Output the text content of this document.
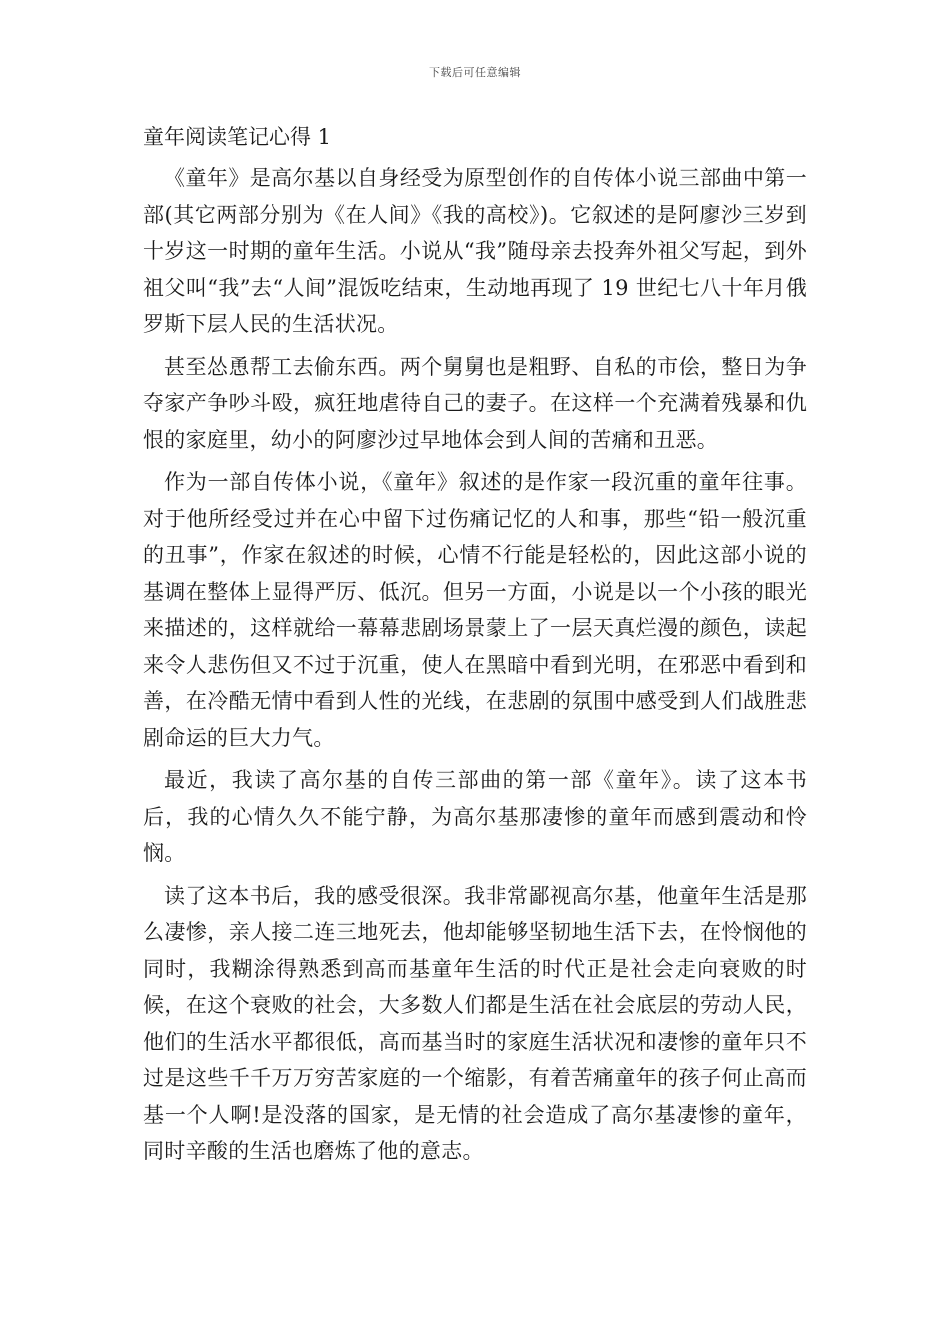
下载后可任意编辑
童年阅读笔记心得 1

《童年》是高尔基以自身经受为原型创作的自传体小说三部曲中第一部(其它两部分别为《在人间》《我的高校》)。它叙述的是阿廖沙三岁到十岁这一时期的童年生活。小说从“我”随母亲去投奔外祖父写起，到外祖父叫“我”去“人间”混饭吃结束，生动地再现了 19 世纪七八十年月俄罗斯下层人民的生活状况。

甚至怂恿帮工去偷东西。两个舅舅也是粗野、自私的市侩，整日为争夺家产争吵斗殴，疯狂地虐待自己的妻子。在这样一个充满着残暴和仇恨的家庭里，幼小的阿廖沙过早地体会到人间的苦痛和丑恶。

作为一部自传体小说，《童年》叙述的是作家一段沉重的童年往事。对于他所经受过并在心中留下过伤痛记忆的人和事，那些“铅一般沉重的丑事”，作家在叙述的时候，心情不行能是轻松的，因此这部小说的基调在整体上显得严厉、低沉。但另一方面，小说是以一个小孩的眼光来描述的，这样就给一幕幕悲剧场景蒙上了一层天真烂漫的颜色，读起来令人悲伤但又不过于沉重，使人在黑暗中看到光明，在邪恶中看到和善，在冷酷无情中看到人性的光线，在悲剧的氛围中感受到人们战胜悲剧命运的巨大力气。

最近，我读了高尔基的自传三部曲的第一部《童年》。读了这本书后，我的心情久久不能宁静，为高尔基那凄惨的童年而感到震动和怜悯。

读了这本书后，我的感受很深。我非常鄙视高尔基，他童年生活是那么凄惨，亲人接二连三地死去，他却能够坚韧地生活下去，在怜悯他的同时，我糊涂得熟悉到高而基童年生活的时代正是社会走向衰败的时候，在这个衰败的社会，大多数人们都是生活在社会底层的劳动人民，他们的生活水平都很低，高而基当时的家庭生活状况和凄惨的童年只不过是这些千千万万穷苦家庭的一个缩影，有着苦痛童年的孩子何止高而基一个人啊!是没落的国家，是无情的社会造成了高尔基凄惨的童年，同时辛酸的生活也磨炼了他的意志。
